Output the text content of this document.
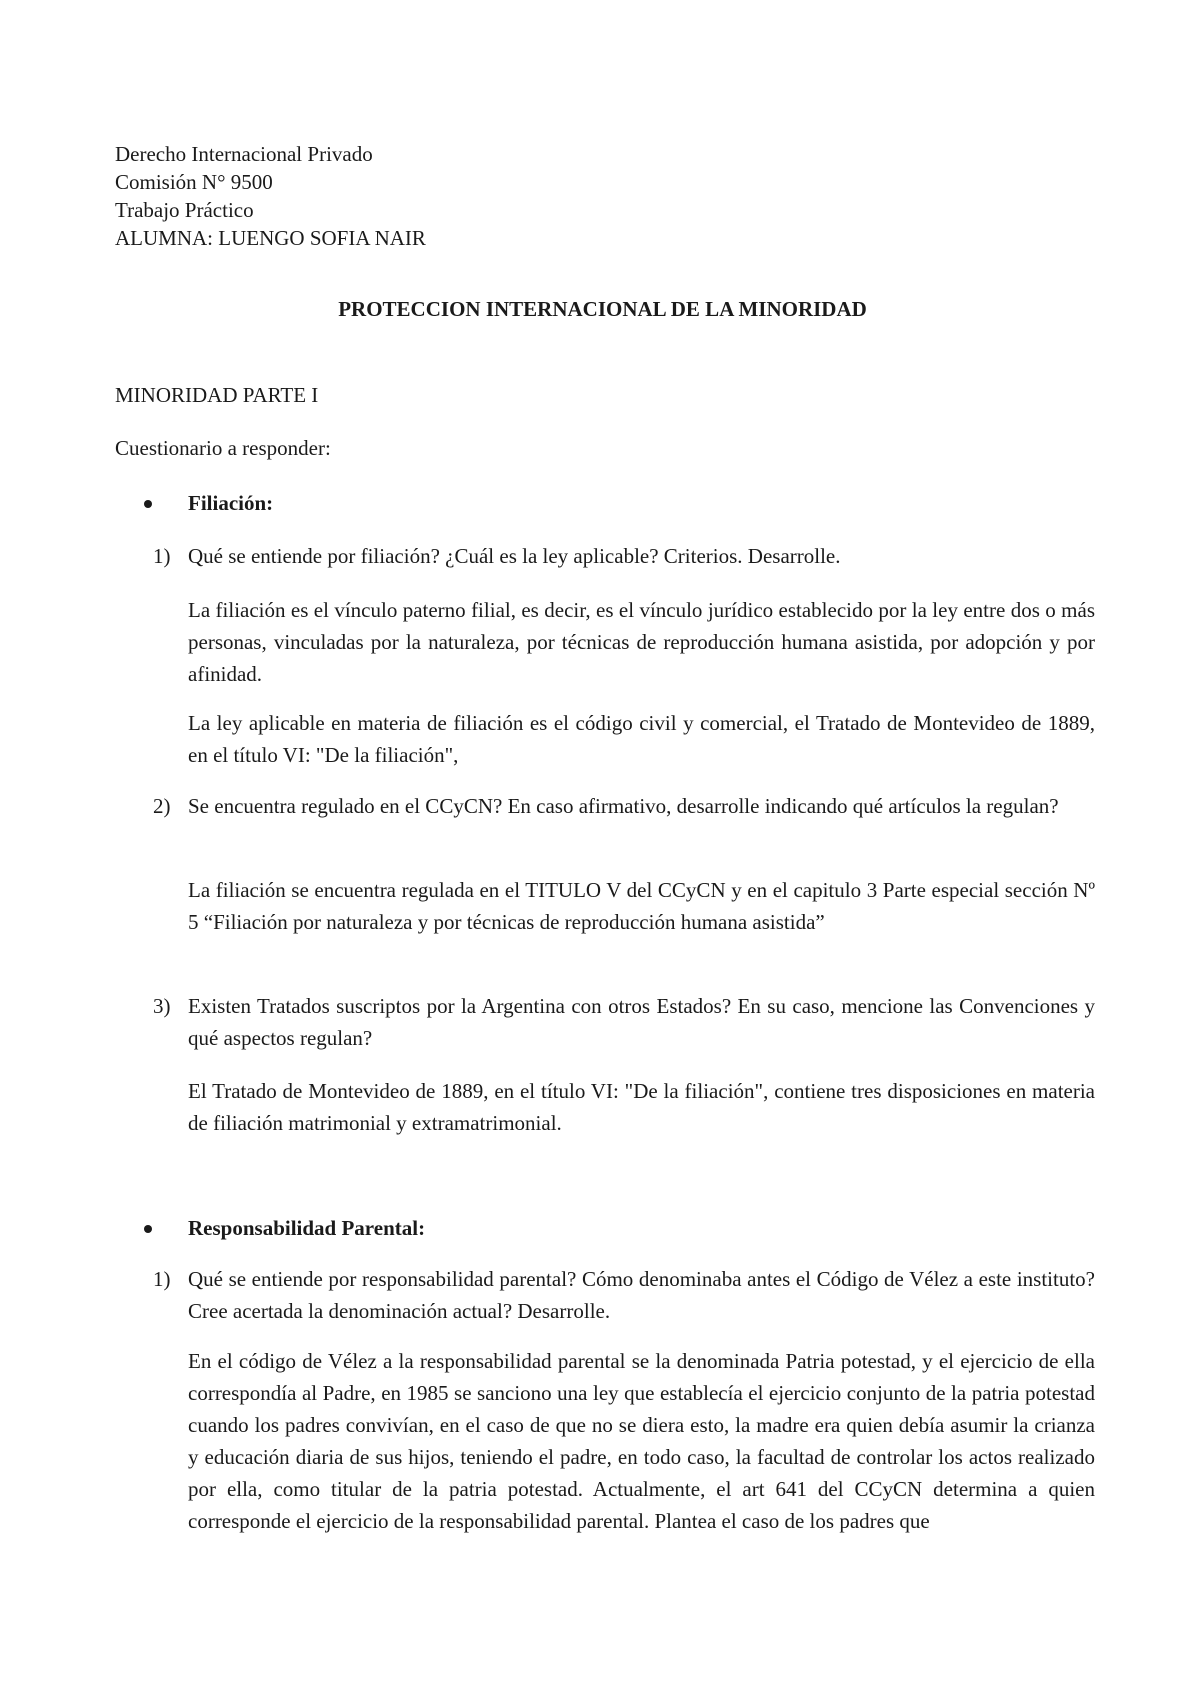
Derecho Internacional Privado
Comisión N° 9500
Trabajo Práctico
ALUMNA: LUENGO SOFIA NAIR
PROTECCION INTERNACIONAL DE LA MINORIDAD
MINORIDAD PARTE I
Cuestionario a responder:
Filiación:
1) Qué se entiende por filiación? ¿Cuál es la ley aplicable? Criterios. Desarrolle.
La filiación es el vínculo paterno filial, es decir, es el vínculo jurídico establecido por la ley entre dos o más personas, vinculadas por la naturaleza, por técnicas de reproducción humana asistida, por adopción y por afinidad.
La ley aplicable en materia de filiación es el código civil y comercial, el Tratado de Montevideo de 1889, en el título VI: "De la filiación",
2) Se encuentra regulado en el CCyCN? En caso afirmativo, desarrolle indicando qué artículos la regulan?
La filiación se encuentra regulada en el TITULO V del CCyCN y en el capitulo 3 Parte especial sección Nº 5 “Filiación por naturaleza y por técnicas de reproducción humana asistida”
3) Existen Tratados suscriptos por la Argentina con otros Estados? En su caso, mencione las Convenciones y qué aspectos regulan?
El Tratado de Montevideo de 1889, en el título VI: "De la filiación", contiene tres disposiciones en materia de filiación matrimonial y extramatrimonial.
Responsabilidad Parental:
1) Qué se entiende por responsabilidad parental? Cómo denominaba antes el Código de Vélez a este instituto? Cree acertada la denominación actual? Desarrolle.
En el código de Vélez a la responsabilidad parental se la denominada Patria potestad, y el ejercicio de ella correspondía al Padre, en 1985 se sanciono una ley que establecía el ejercicio conjunto de la patria potestad cuando los padres convivían, en el caso de que no se diera esto, la madre era quien debía asumir la crianza y educación diaria de sus hijos, teniendo el padre, en todo caso, la facultad de controlar los actos realizado por ella, como titular de la patria potestad. Actualmente, el art 641 del CCyCN determina a quien corresponde el ejercicio de la responsabilidad parental. Plantea el caso de los padres que
